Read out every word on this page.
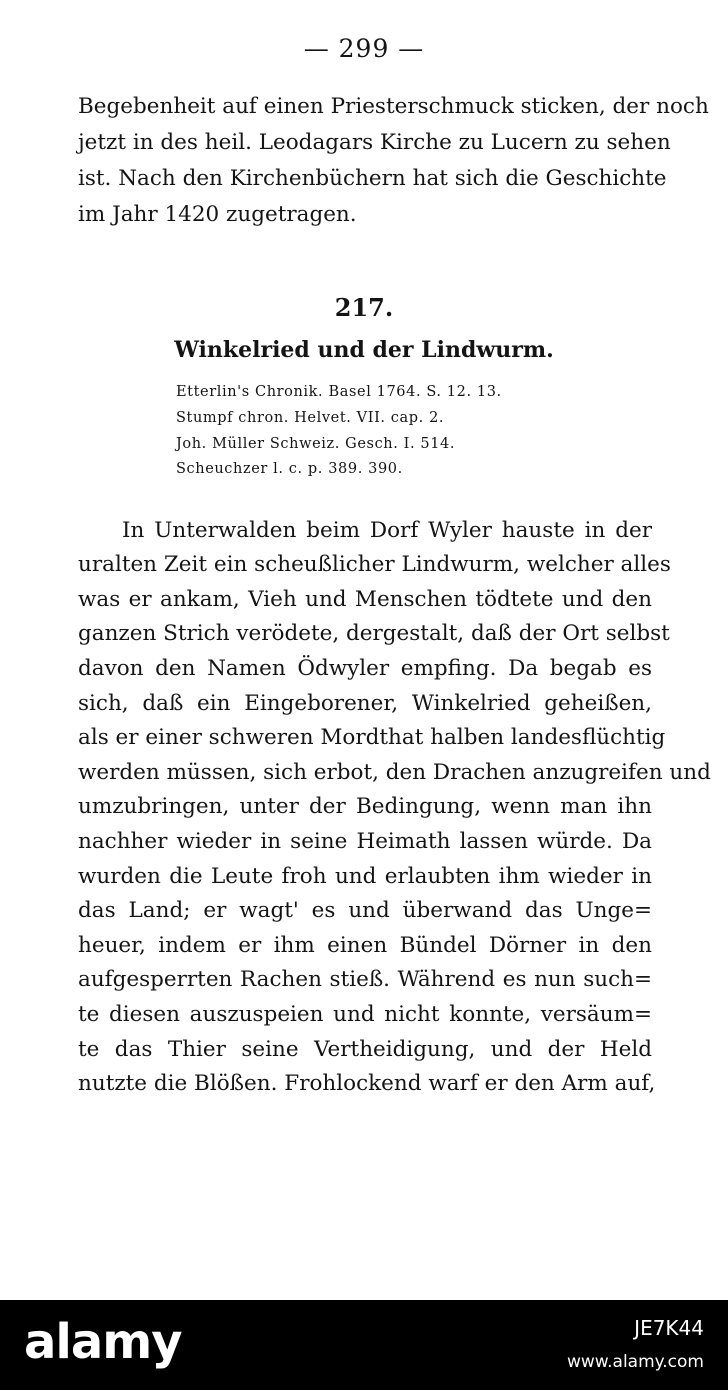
— 299 —
Begebenheit auf einen Priesterschmuck sticken, der noch
jetzt in des heil. Leodagars Kirche zu Lucern zu sehen
ist. Nach den Kirchenbüchern hat sich die Geschichte
im Jahr 1420 zugetragen.
217.
Winkelried und der Lindwurm.
Etterlin's Chronik. Basel 1764. S. 12. 13.
Stumpf chron. Helvet. VII. cap. 2.
Joh. Müller Schweiz. Gesch. I. 514.
Scheuchzer l. c. p. 389. 390.
In Unterwalden beim Dorf Wyler hauste in der
uralten Zeit ein scheußlicher Lindwurm, welcher alles
was er ankam, Vieh und Menschen tödtete und den
ganzen Strich verödete, dergestalt, daß der Ort selbst
davon den Namen Ödwyler empfing. Da begab es
sich, daß ein Eingeborener, Winkelried geheißen,
als er einer schweren Mordthat halben landesflüchtig
werden müssen, sich erbot, den Drachen anzugreifen und
umzubringen, unter der Bedingung, wenn man ihn
nachher wieder in seine Heimath lassen würde. Da
wurden die Leute froh und erlaubten ihm wieder in
das Land; er wagt' es und überwand das Unge=
heuer, indem er ihm einen Bündel Dörner in den
aufgesperrten Rachen stieß. Während es nun such=
te diesen auszuspeien und nicht konnte, versäum=
te das Thier seine Vertheidigung, und der Held
nutzte die Blößen. Frohlockend warf er den Arm auf,
alamy	JE7K44
www.alamy.com
